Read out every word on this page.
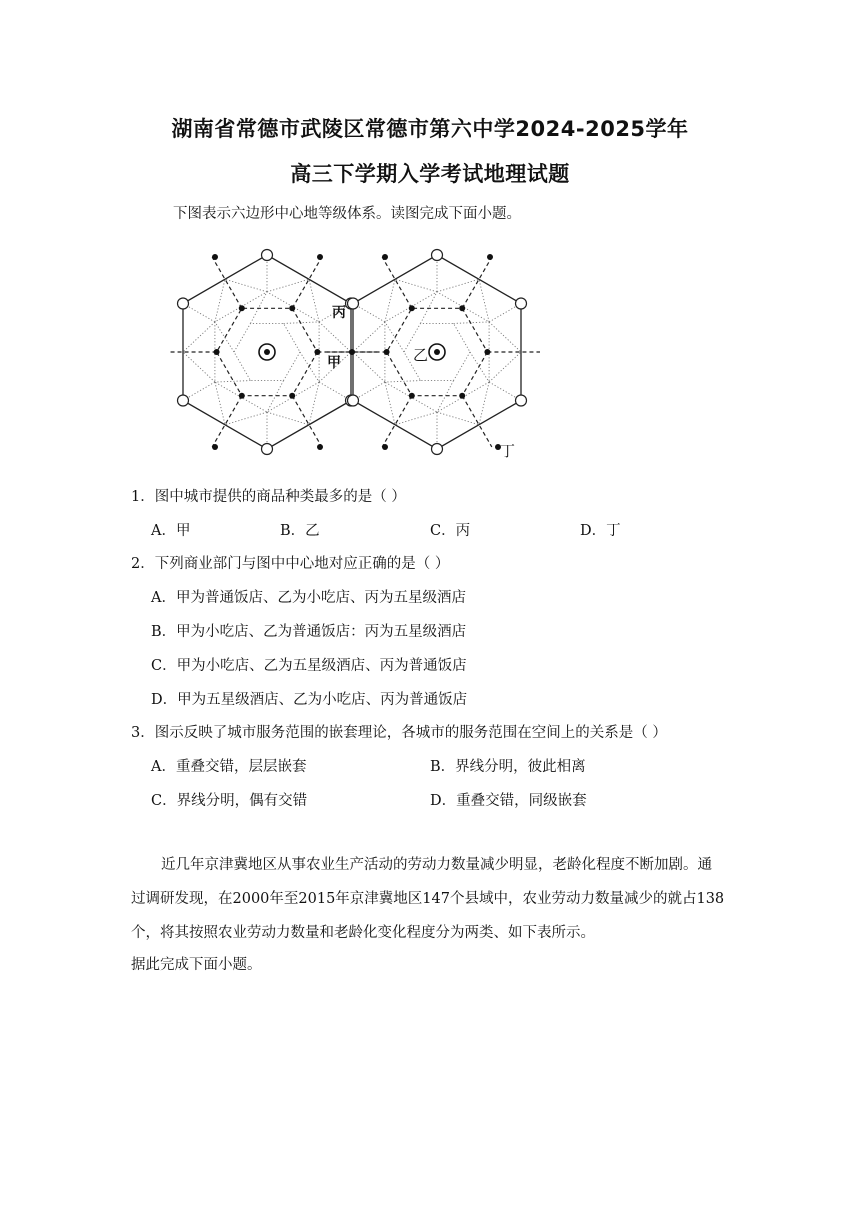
湖南省常德市武陵区常德市第六中学2024-2025学年
高三下学期入学考试地理试题
下图表示六边形中心地等级体系。读图完成下面小题。
丙
甲	乙
丁
1．图中城市提供的商品种类最多的是（ ）
A．甲	B．乙	C．丙	D．丁
2．下列商业部门与图中中心地对应正确的是（ ）
A．甲为普通饭店、乙为小吃店、丙为五星级酒店
B．甲为小吃店、乙为普通饭店：丙为五星级酒店
C．甲为小吃店、乙为五星级酒店、丙为普通饭店
D．甲为五星级酒店、乙为小吃店、丙为普通饭店
3．图示反映了城市服务范围的嵌套理论，各城市的服务范围在空间上的关系是（ ）
A．重叠交错，层层嵌套	B．界线分明，彼此相离
C．界线分明，偶有交错	D．重叠交错，同级嵌套
近几年京津冀地区从事农业生产活动的劳动力数量减少明显，老龄化程度不断加剧。通
过调研发现，在2000年至2015年京津冀地区147个县域中，农业劳动力数量减少的就占138
个，将其按照农业劳动力数量和老龄化变化程度分为两类、如下表所示。
据此完成下面小题。
